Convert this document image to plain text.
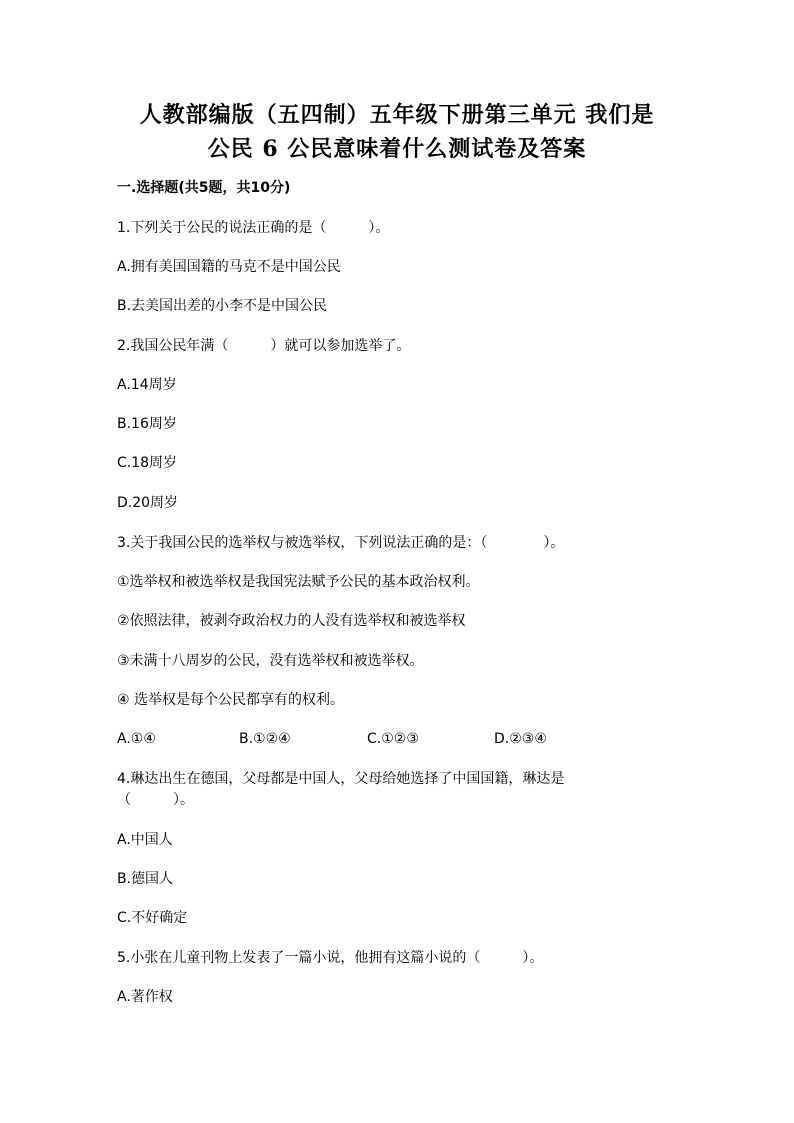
人教部编版（五四制）五年级下册第三单元 我们是
公民 6 公民意味着什么测试卷及答案
一.选择题(共5题，共10分)
1.下列关于公民的说法正确的是（　　　）。
A.拥有美国国籍的马克不是中国公民
B.去美国出差的小李不是中国公民
2.我国公民年满（　　　）就可以参加选举了。
A.14周岁
B.16周岁
C.18周岁
D.20周岁
3.关于我国公民的选举权与被选举权，下列说法正确的是：（　　　　）。
①选举权和被选举权是我国宪法赋予公民的基本政治权利。
②依照法律，被剥夺政治权力的人没有选举权和被选举权
③未满十八周岁的公民，没有选举权和被选举权。
④ 选举权是每个公民都享有的权利。
A.①④	B.①②④	C.①②③	D.②③④
4.琳达出生在德国，父母都是中国人，父母给她选择了中国国籍，琳达是
（　　　）。
A.中国人
B.德国人
C.不好确定
5.小张在儿童刊物上发表了一篇小说，他拥有这篇小说的（　　　）。
A.著作权
